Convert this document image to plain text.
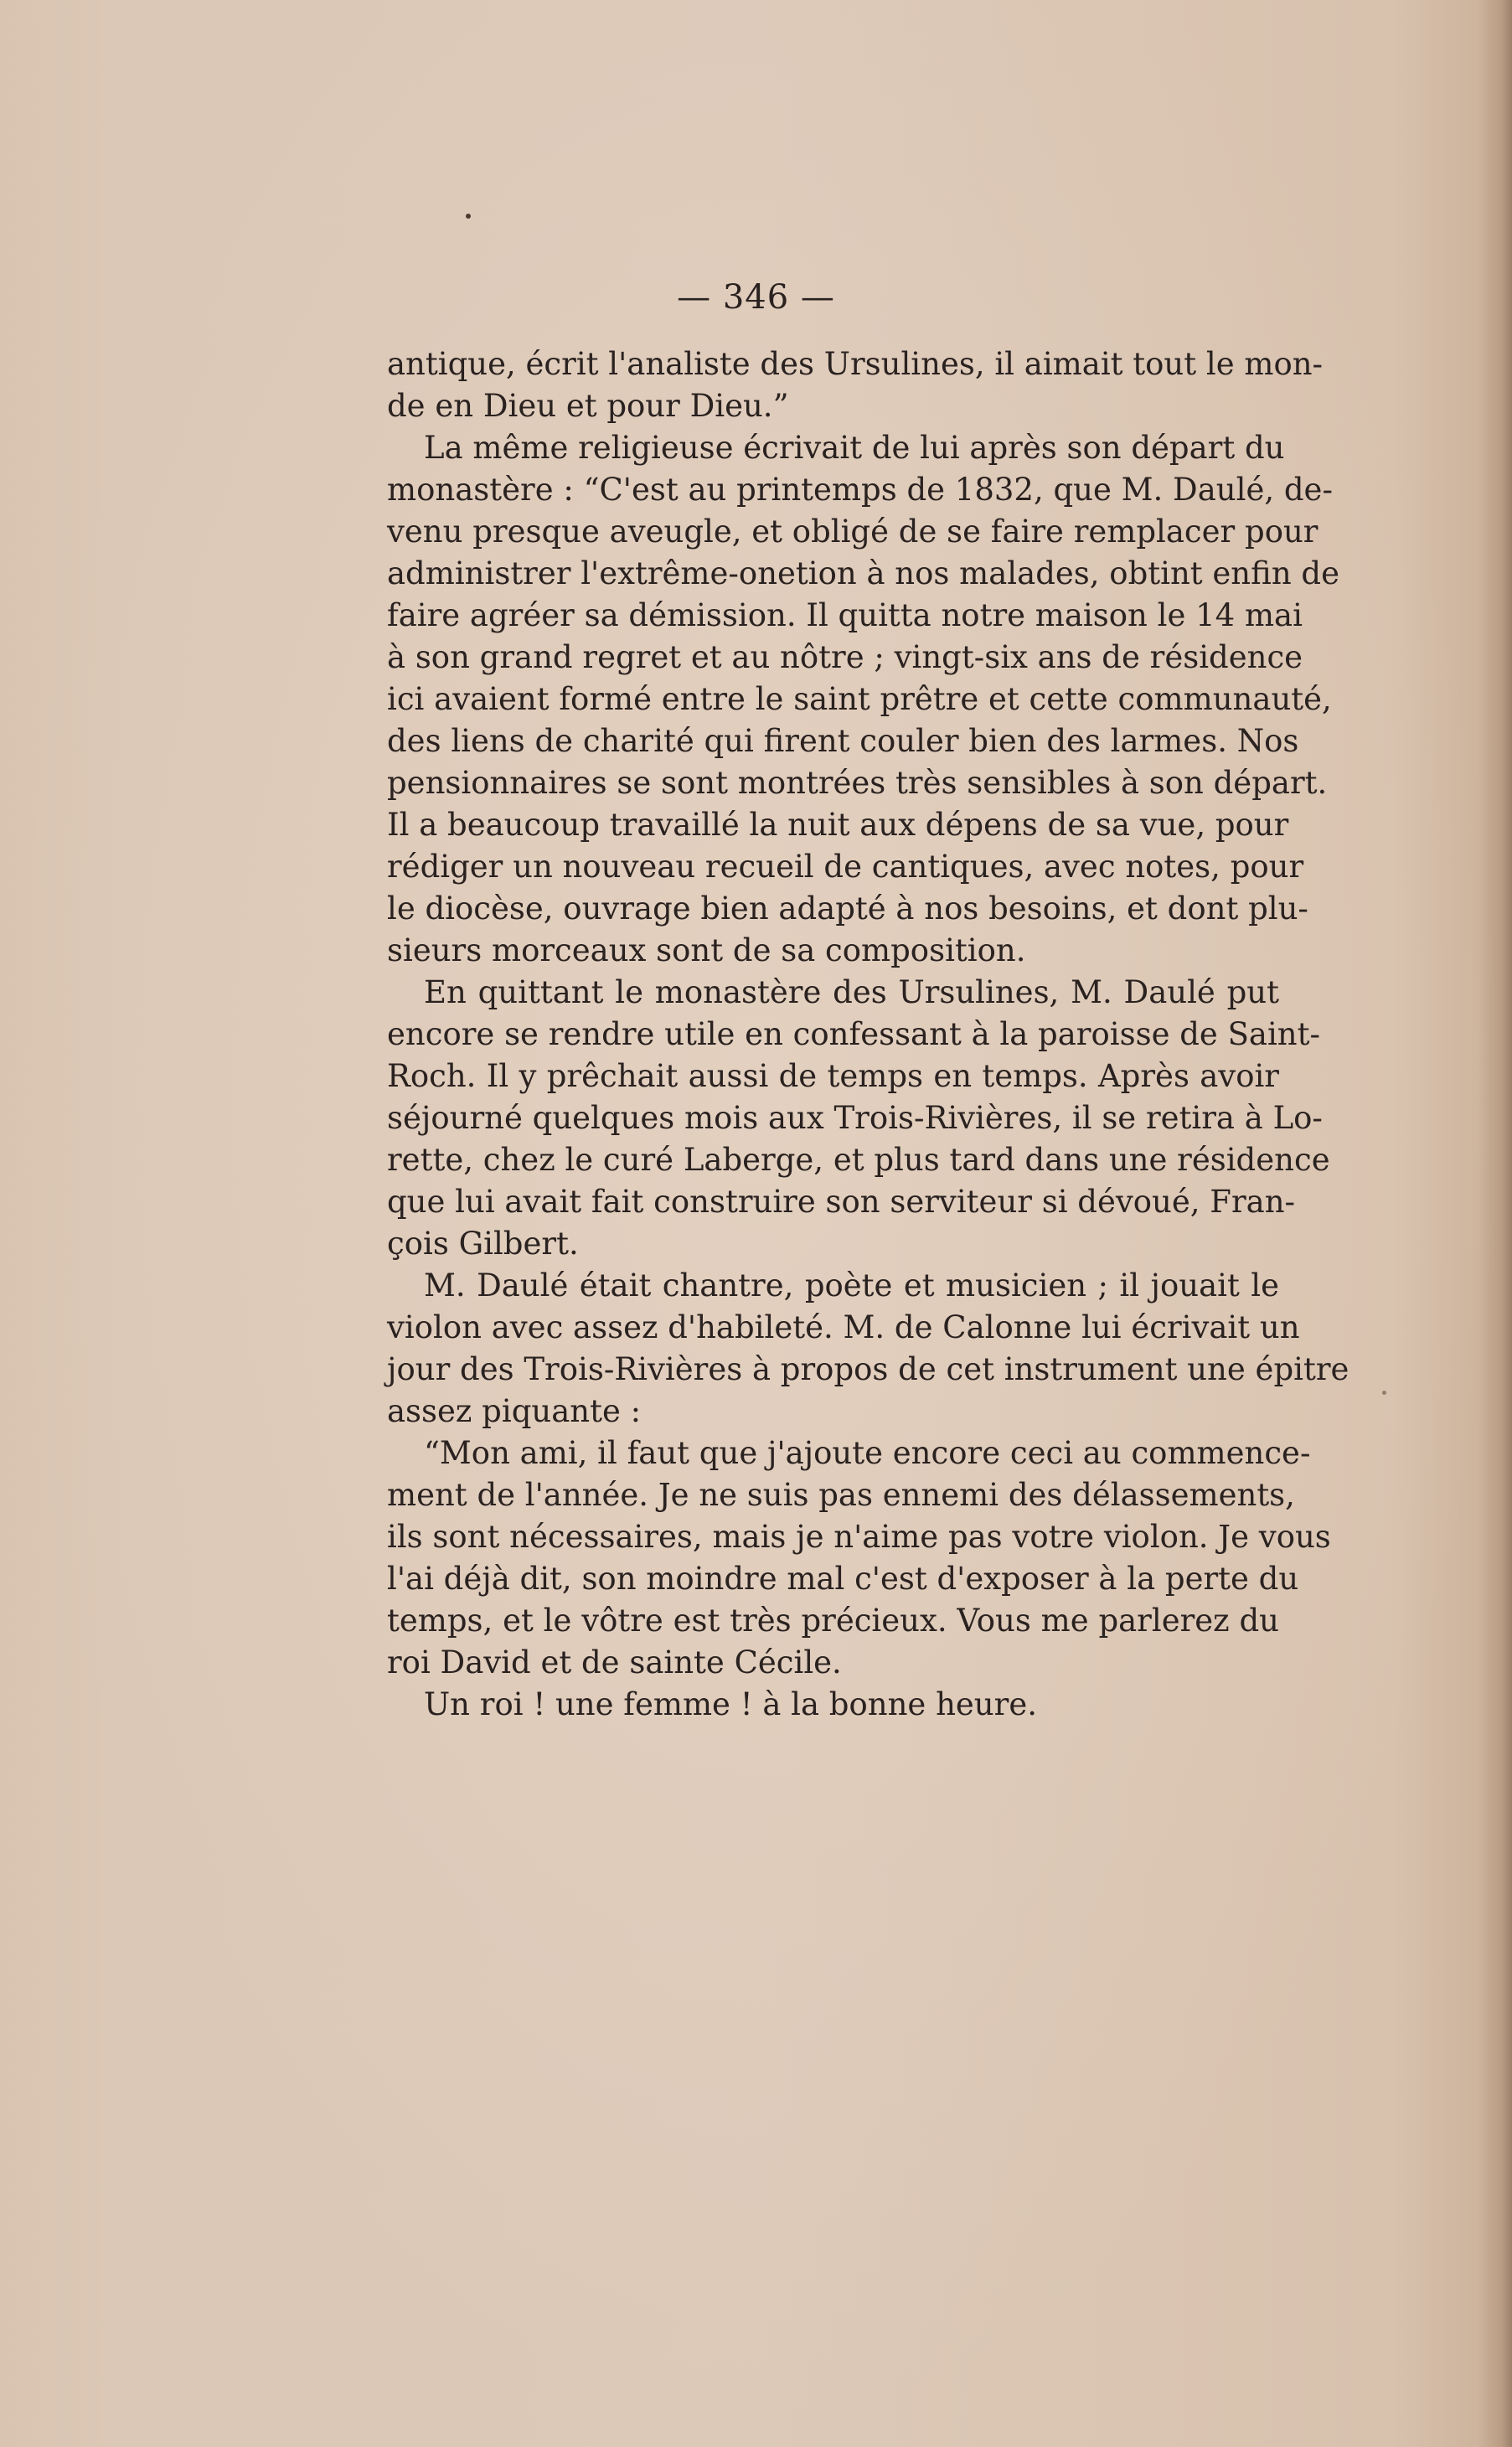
— 346 —
antique, écrit l'analiste des Ursulines, il aimait tout le mon-
de en Dieu et pour Dieu.”
La même religieuse écrivait de lui après son départ du
monastère : “C'est au printemps de 1832, que M. Daulé, de-
venu presque aveugle, et obligé de se faire remplacer pour
administrer l'extrême-onetion à nos malades, obtint enfin de
faire agréer sa démission. Il quitta notre maison le 14 mai
à son grand regret et au nôtre ; vingt-six ans de résidence
ici avaient formé entre le saint prêtre et cette communauté,
des liens de charité qui firent couler bien des larmes. Nos
pensionnaires se sont montrées très sensibles à son départ.
Il a beaucoup travaillé la nuit aux dépens de sa vue, pour
rédiger un nouveau recueil de cantiques, avec notes, pour
le diocèse, ouvrage bien adapté à nos besoins, et dont plu-
sieurs morceaux sont de sa composition.
En quittant le monastère des Ursulines, M. Daulé put
encore se rendre utile en confessant à la paroisse de Saint-
Roch. Il y prêchait aussi de temps en temps. Après avoir
séjourné quelques mois aux Trois-Rivières, il se retira à Lo-
rette, chez le curé Laberge, et plus tard dans une résidence
que lui avait fait construire son serviteur si dévoué, Fran-
çois Gilbert.
M. Daulé était chantre, poète et musicien ; il jouait le
violon avec assez d'habileté. M. de Calonne lui écrivait un
jour des Trois-Rivières à propos de cet instrument une épitre
assez piquante :
“Mon ami, il faut que j'ajoute encore ceci au commence-
ment de l'année. Je ne suis pas ennemi des délassements,
ils sont nécessaires, mais je n'aime pas votre violon. Je vous
l'ai déjà dit, son moindre mal c'est d'exposer à la perte du
temps, et le vôtre est très précieux. Vous me parlerez du
roi David et de sainte Cécile.
Un roi ! une femme ! à la bonne heure.
